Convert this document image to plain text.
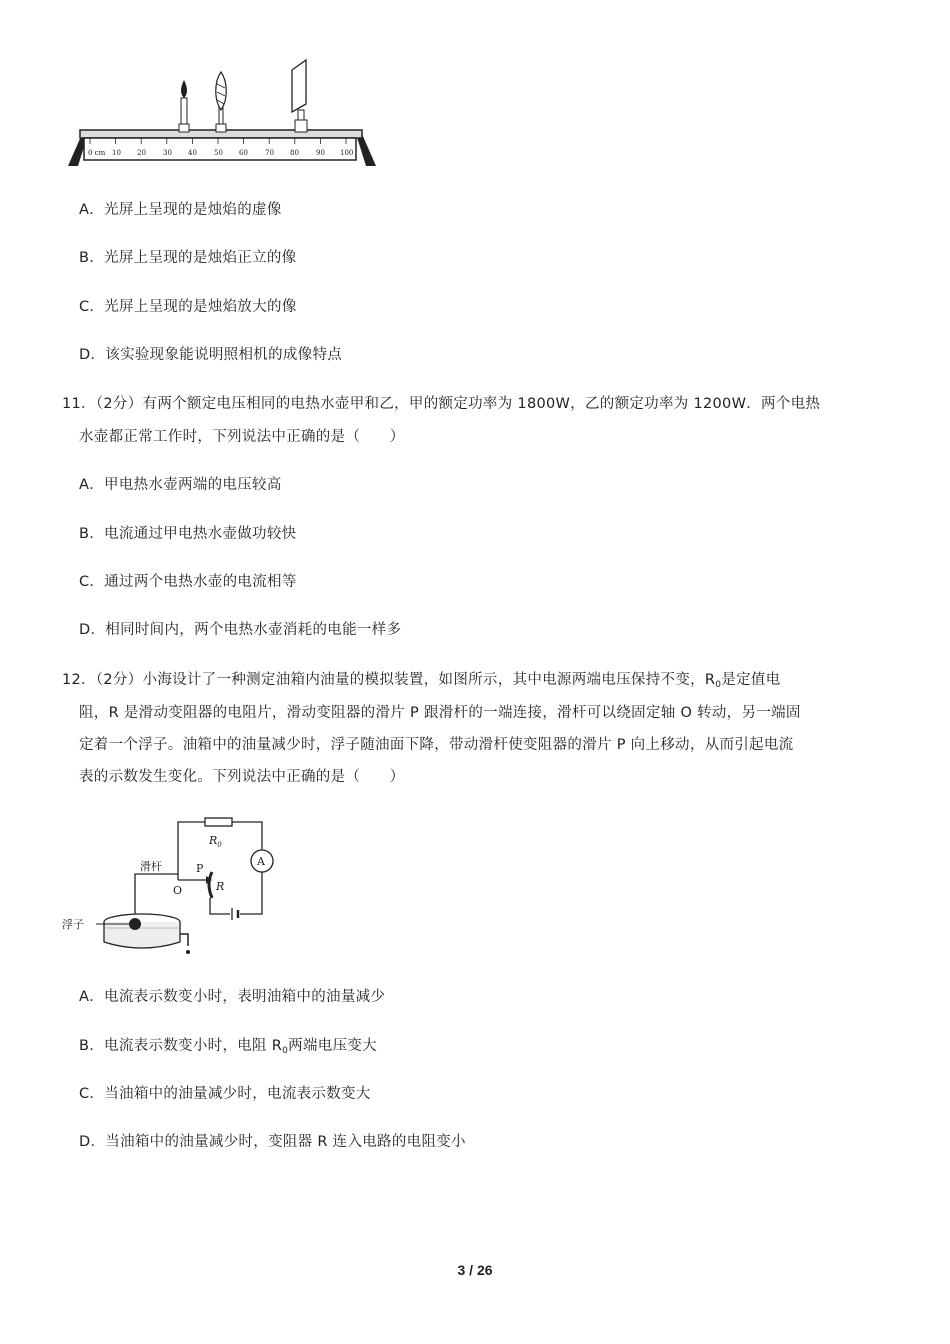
0 cm 10 20 30 40 50 60 70 80 90 100
A．光屏上呈现的是烛焰的虚像
B．光屏上呈现的是烛焰正立的像
C．光屏上呈现的是烛焰放大的像
D．该实验现象能说明照相机的成像特点
11．（2分）有两个额定电压相同的电热水壶甲和乙，甲的额定功率为 1800W，乙的额定功率为 1200W．两个电热
水壶都正常工作时，下列说法中正确的是（　　）
A．甲电热水壶两端的电压较高
B．电流通过甲电热水壶做功较快
C．通过两个电热水壶的电流相等
D．相同时间内，两个电热水壶消耗的电能一样多
12．（2分）小海设计了一种测定油箱内油量的模拟装置，如图所示，其中电源两端电压保持不变，$R_0$是定值电
阻，R 是滑动变阻器的电阻片，滑动变阻器的滑片 P 跟滑杆的一端连接，滑杆可以绕固定轴 O 转动，另一端固
定着一个浮子。油箱中的油量减少时，浮子随油面下降，带动滑杆使变阻器的滑片 P 向上移动，从而引起电流
表的示数发生变化。下列说法中正确的是（　　）
$R_0$
A
R
P
O
滑杆
浮子
A．电流表示数变小时，表明油箱中的油量减少
B．电流表示数变小时，电阻 $R_0$两端电压变大
C．当油箱中的油量减少时，电流表示数变大
D．当油箱中的油量减少时，变阻器 R 连入电路的电阻变小
3 / 26
